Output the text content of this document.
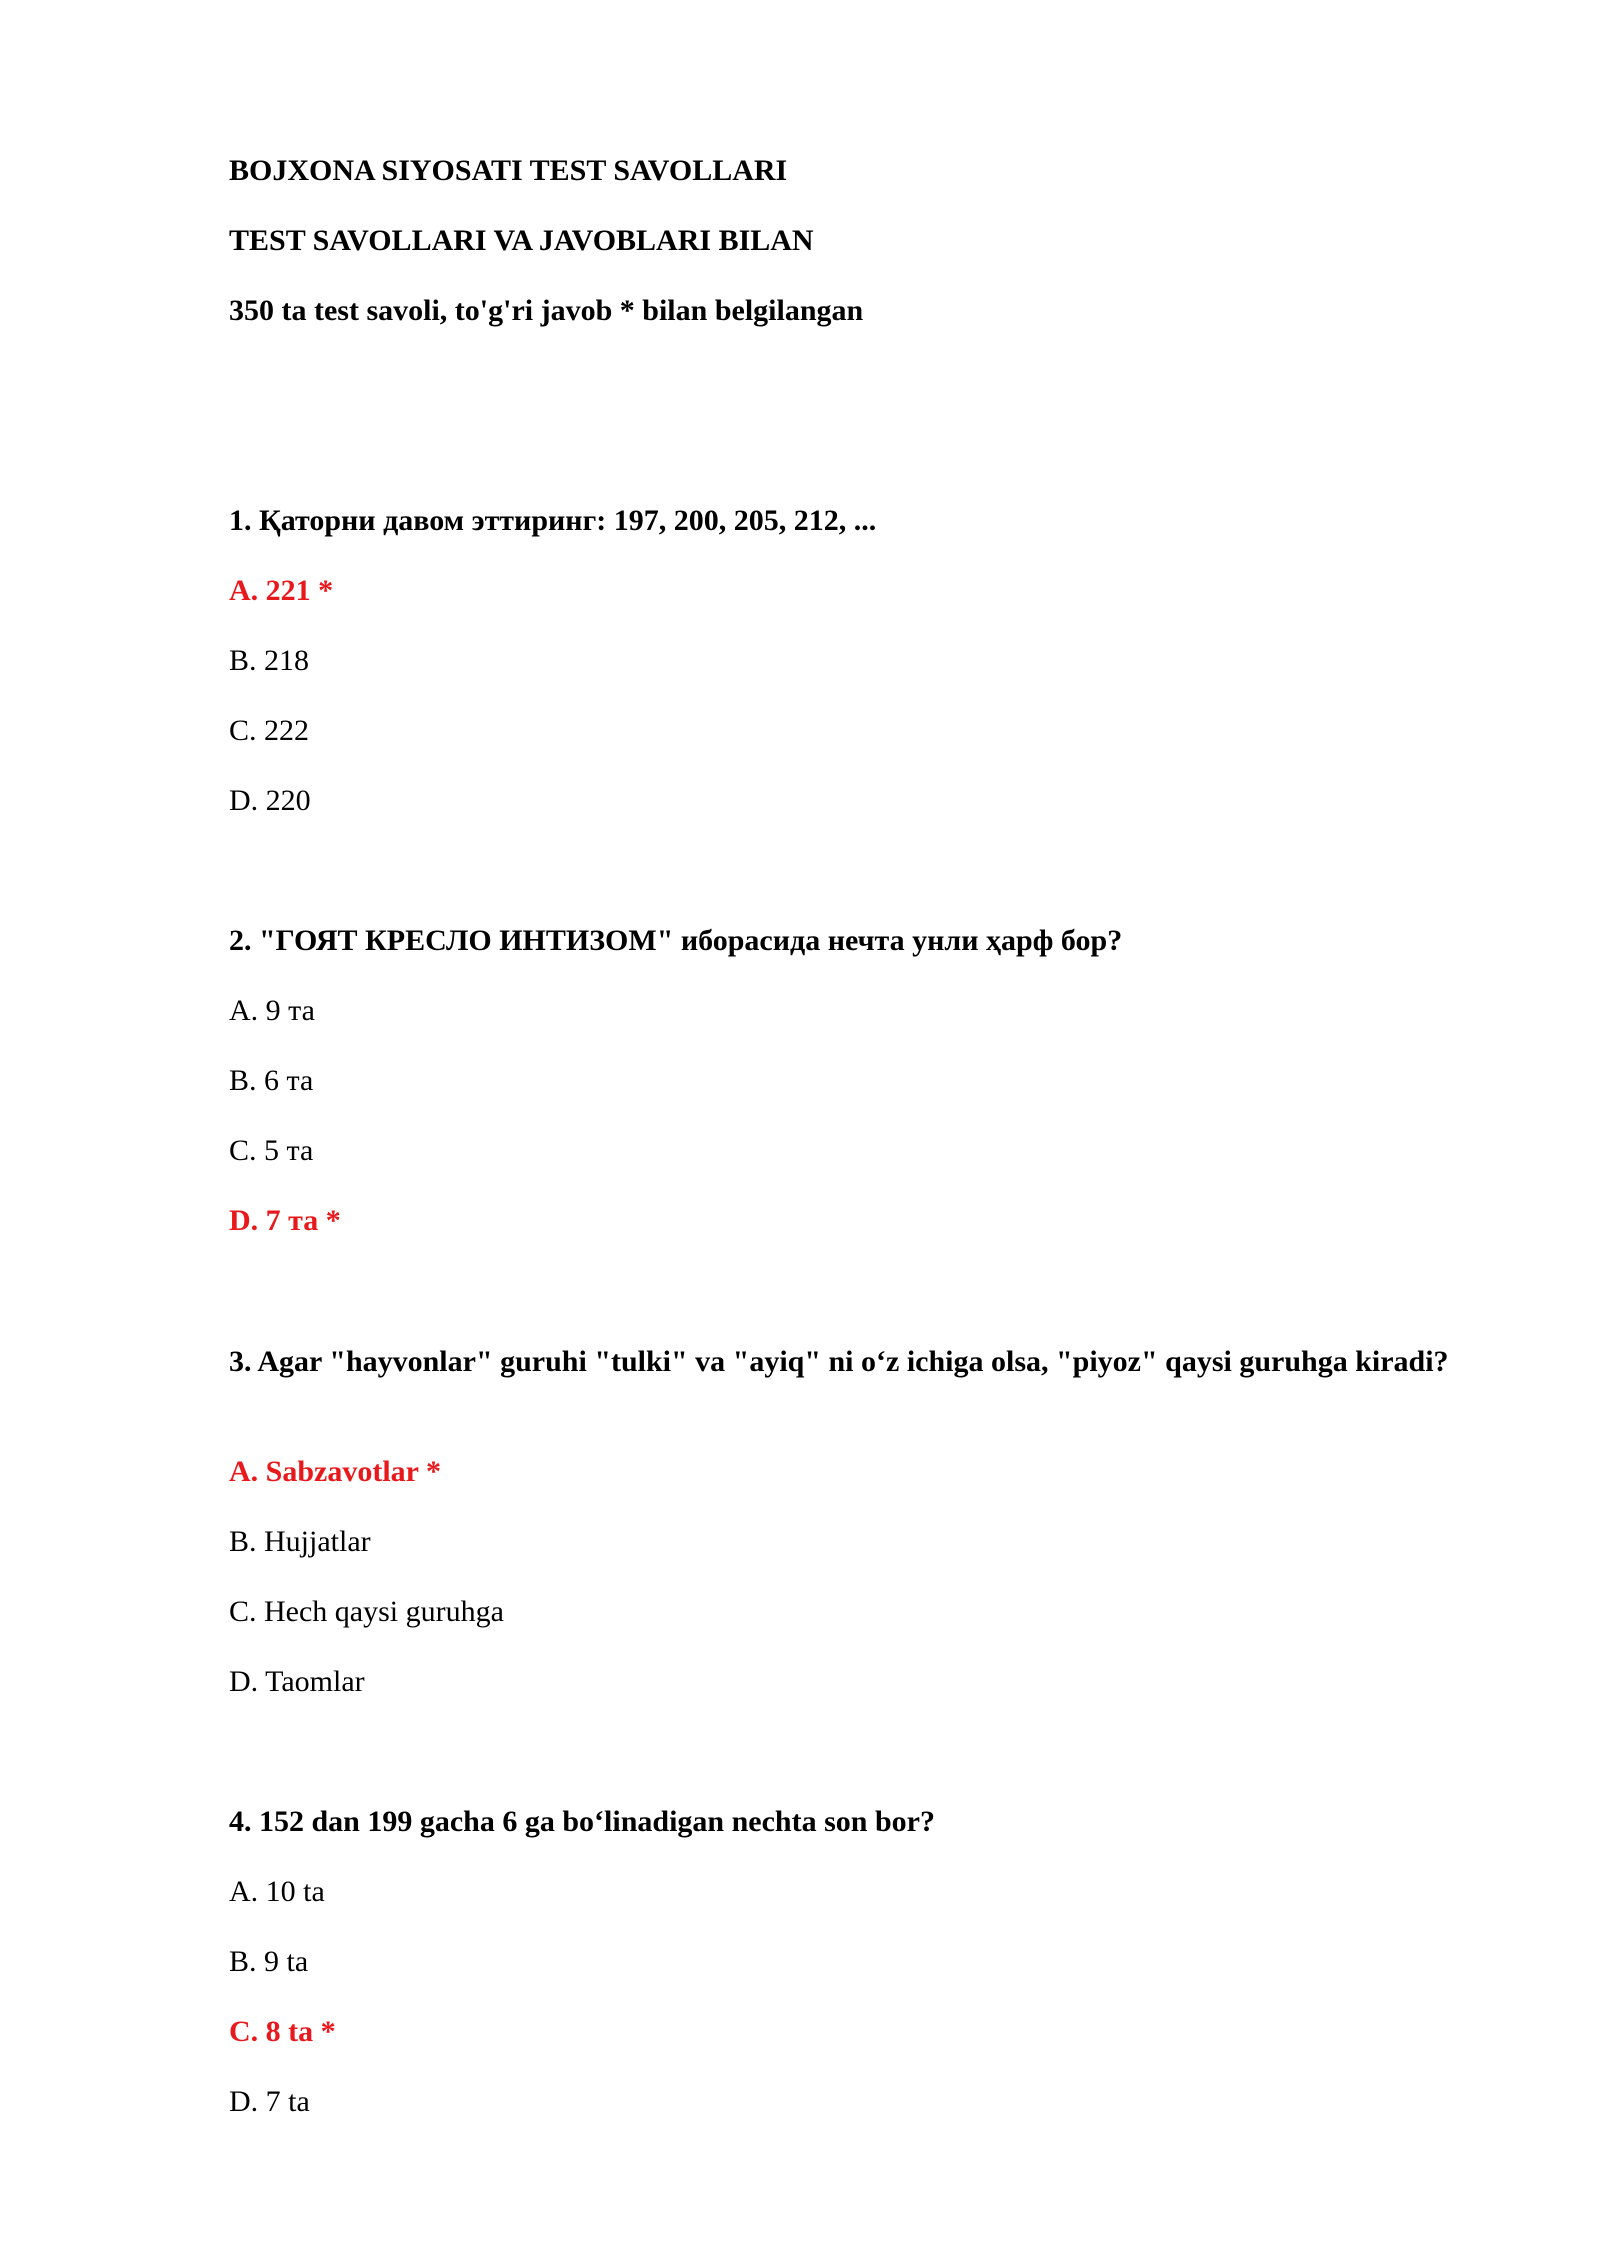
BOJXONA SIYOSATI TEST SAVOLLARI

TEST SAVOLLARI VA JAVOBLARI BILAN

350 ta test savoli, to'g'ri javob * bilan belgilangan

1. Қаторни давом эттиринг: 197, 200, 205, 212, ...

A. 221 *

B. 218

C. 222

D. 220

2. "ГОЯТ КРЕСЛО ИНТИЗОМ" иборасида нечта унли ҳарф бор?

A. 9 та

B. 6 та

C. 5 та

D. 7 та *

3. Agar "hayvonlar" guruhi "tulki" va "ayiq" ni o‘z ichiga olsa, "piyoz" qaysi guruhga kiradi?

A. Sabzavotlar *

B. Hujjatlar

C. Hech qaysi guruhga

D. Taomlar

4. 152 dan 199 gacha 6 ga bo‘linadigan nechta son bor?

A. 10 ta

B. 9 ta

C. 8 ta *

D. 7 ta
